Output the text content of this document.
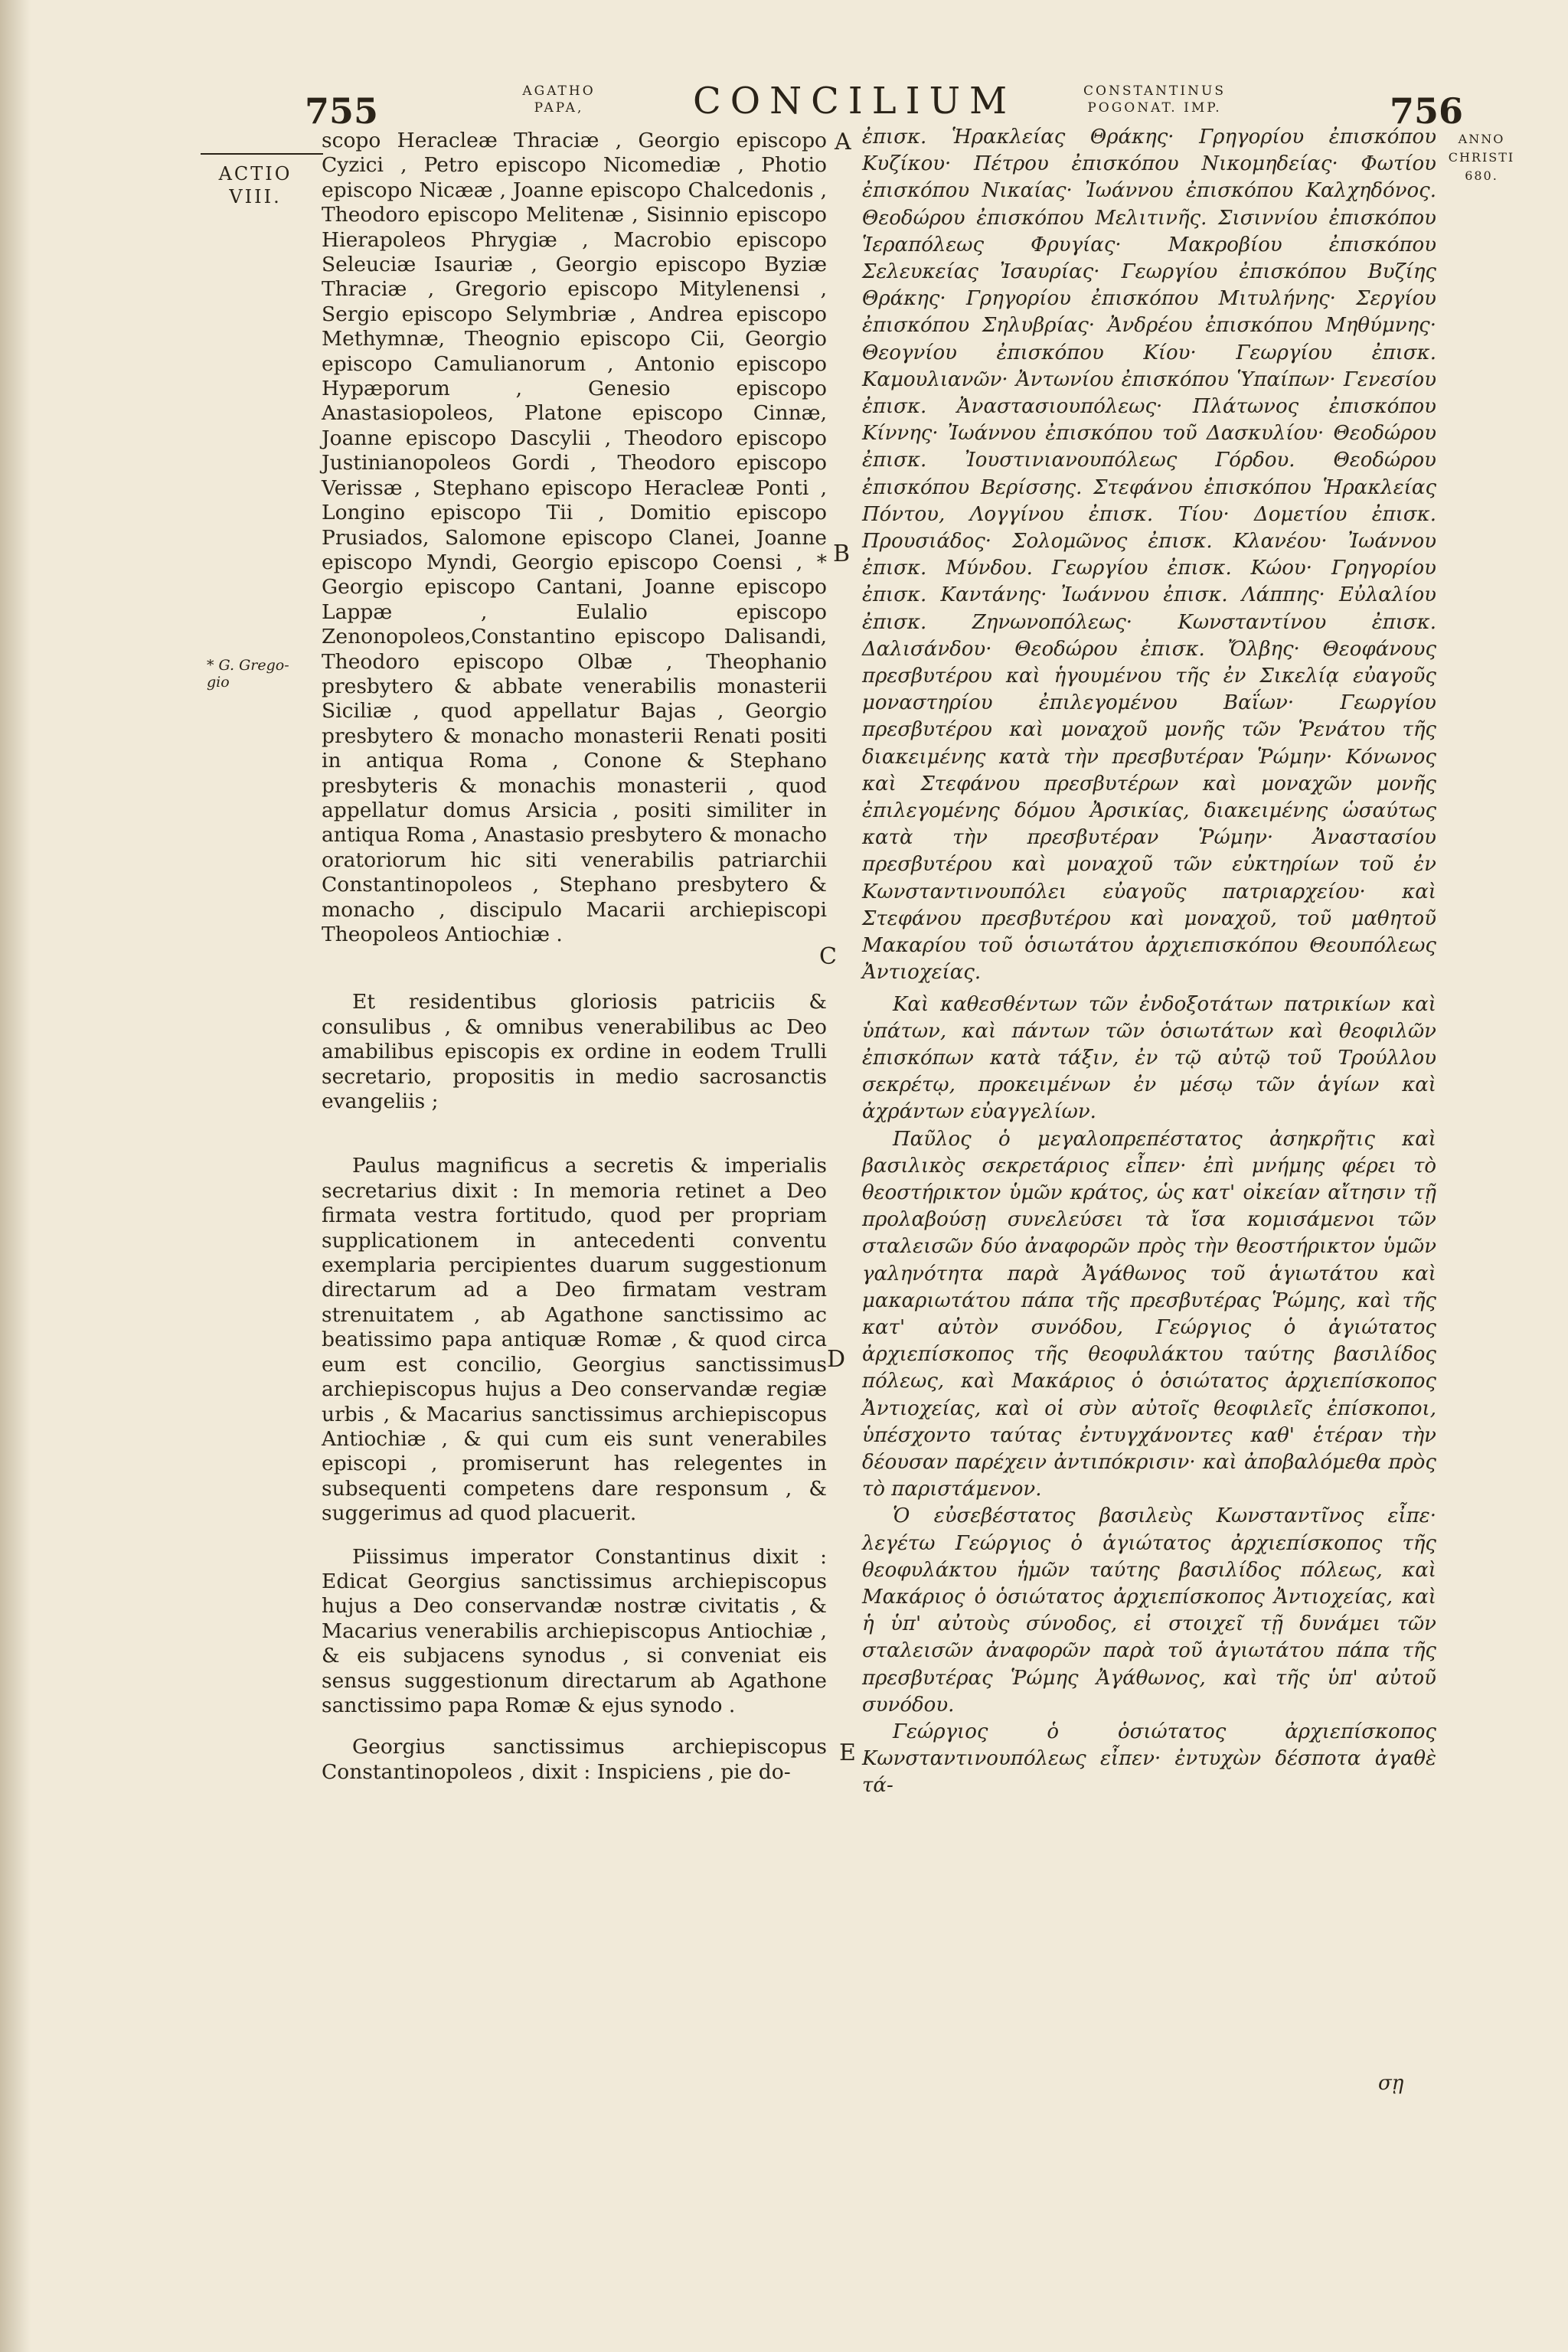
755	AGATHO
PAPA,	CONCILIUM	CONSTANTINUS
POGONAT. IMP.	756
ACTIO
VIII.
* G. Grego-
gio
ANNO
CHRISTI
680.
A
B
C
D
E

scopo Heracleæ Thraciæ , Georgio episcopo Cyzici , Petro episcopo Nicomediæ , Photio episcopo Nicææ , Joanne episcopo Chalcedonis , Theodoro episcopo Melitenæ , Sisinnio episcopo Hierapoleos Phrygiæ , Macrobio episcopo Seleuciæ Isauriæ , Georgio episcopo Byziæ Thraciæ , Gregorio episcopo Mitylenensi , Sergio episcopo Selymbriæ , Andrea episcopo Methymnæ, Theognio episcopo Cii, Georgio episcopo Camulianorum , Antonio episcopo Hypæporum , Genesio episcopo Anastasiopoleos, Platone episcopo Cinnæ, Joanne episcopo Dascylii , Theodoro episcopo Justinianopoleos Gordi , Theodoro episcopo Verissæ , Stephano episcopo Heracleæ Ponti , Longino episcopo Tii , Domitio episcopo Prusiados, Salomone episcopo Clanei, Joanne episcopo Myndi, Georgio episcopo Coensi , * Georgio episcopo Cantani, Joanne episcopo Lappæ , Eulalio episcopo Zenonopoleos,Constantino episcopo Dalisandi, Theodoro episcopo Olbæ , Theophanio presbytero & abbate venerabilis monasterii Siciliæ , quod appellatur Bajas , Georgio presbytero & monacho monasterii Renati positi in antiqua Roma , Conone & Stephano presbyteris & monachis monasterii , quod appellatur domus Arsicia , positi similiter in antiqua Roma , Anastasio presbytero & monacho oratoriorum hic siti venerabilis patriarchii Constantinopoleos , Stephano presbytero & monacho , discipulo Macarii archiepiscopi Theopoleos Antiochiæ .

Et residentibus gloriosis patriciis & consulibus , & omnibus venerabilibus ac Deo amabilibus episcopis ex ordine in eodem Trulli secretario, propositis in medio sacrosanctis evangeliis ;

Paulus magnificus a secretis & imperialis secretarius dixit : In memoria retinet a Deo firmata vestra fortitudo, quod per propriam supplicationem in antecedenti conventu exemplaria percipientes duarum suggestionum directarum ad a Deo firmatam vestram strenuitatem , ab Agathone sanctissimo ac beatissimo papa antiquæ Romæ , & quod circa eum est concilio, Georgius sanctissimus archiepiscopus hujus a Deo conservandæ regiæ urbis , & Macarius sanctissimus archiepiscopus Antiochiæ , & qui cum eis sunt venerabiles episcopi , promiserunt has relegentes in subsequenti competens dare responsum , & suggerimus ad quod placuerit.

Piissimus imperator Constantinus dixit : Edicat Georgius sanctissimus archiepiscopus hujus a Deo conservandæ nostræ civitatis , & Macarius venerabilis archiepiscopus Antiochiæ , & eis subjacens synodus , si conveniat eis sensus suggestionum directarum ab Agathone sanctissimo papa Romæ & ejus synodo .

Georgius sanctissimus archiepiscopus Constantinopoleos , dixit : Inspiciens , pie do-

ἐπισκ. Ἡρακλείας Θράκης· Γρηγορίου ἐπισκόπου Κυζίκου· Πέτρου ἐπισκόπου Νικομηδείας· Φωτίου ἐπισκόπου Νικαίας· Ἰωάννου ἐπισκόπου Καλχηδόνος. Θεοδώρου ἐπισκόπου Μελιτινῆς. Σισιννίου ἐπισκόπου Ἱεραπόλεως Φρυγίας· Μακροβίου ἐπισκόπου Σελευκείας Ἰσαυρίας· Γεωργίου ἐπισκόπου Βυζίης Θράκης· Γρηγορίου ἐπισκόπου Μιτυλήνης· Σεργίου ἐπισκόπου Σηλυβρίας· Ἀνδρέου ἐπισκόπου Μηθύμνης· Θεογνίου ἐπισκόπου Κίου· Γεωργίου ἐπισκ. Καμουλιανῶν· Ἀντωνίου ἐπισκόπου Ὑπαίπων· Γενεσίου ἐπισκ. Ἀναστασιουπόλεως· Πλάτωνος ἐπισκόπου Κίννης· Ἰωάννου ἐπισκόπου τοῦ Δασκυλίου· Θεοδώρου ἐπισκ. Ἰουστινιανουπόλεως Γόρδου. Θεοδώρου ἐπισκόπου Βερίσσης. Στεφάνου ἐπισκόπου Ἡρακλείας Πόντου, Λογγίνου ἐπισκ. Τίου· Δομετίου ἐπισκ. Προυσιάδος· Σολομῶνος ἐπισκ. Κλανέου· Ἰωάννου ἐπισκ. Μύνδου. Γεωργίου ἐπισκ. Κώου· Γρηγορίου ἐπισκ. Καντάνης· Ἰωάννου ἐπισκ. Λάππης· Εὐλαλίου ἐπισκ. Ζηνωνοπόλεως· Κωνσταντίνου ἐπισκ. Δαλισάνδου· Θεοδώρου ἐπισκ. Ὄλβης· Θεοφάνους πρεσβυτέρου καὶ ἡγουμένου τῆς ἐν Σικελίᾳ εὐαγοῦς μοναστηρίου ἐπιλεγομένου Βαΐων· Γεωργίου πρεσβυτέρου καὶ μοναχοῦ μονῆς τῶν Ῥενάτου τῆς διακειμένης κατὰ τὴν πρεσβυτέραν Ῥώμην· Κόνωνος καὶ Στεφάνου πρεσβυτέρων καὶ μοναχῶν μονῆς ἐπιλεγομένης δόμου Ἀρσικίας, διακειμένης ὡσαύτως κατὰ τὴν πρεσβυτέραν Ῥώμην· Ἀναστασίου πρεσβυτέρου καὶ μοναχοῦ τῶν εὐκτηρίων τοῦ ἐν Κωνσταντινουπόλει εὐαγοῦς πατριαρχείου· καὶ Στεφάνου πρεσβυτέρου καὶ μοναχοῦ, τοῦ μαθητοῦ Μακαρίου τοῦ ὁσιωτάτου ἀρχιεπισκόπου Θεουπόλεως Ἀντιοχείας.

Καὶ καθεσθέντων τῶν ἐνδοξοτάτων πατρικίων καὶ ὑπάτων, καὶ πάντων τῶν ὁσιωτάτων καὶ θεοφιλῶν ἐπισκόπων κατὰ τάξιν, ἐν τῷ αὐτῷ τοῦ Τρούλλου σεκρέτῳ, προκειμένων ἐν μέσῳ τῶν ἁγίων καὶ ἀχράντων εὐαγγελίων.

Παῦλος ὁ μεγαλοπρεπέστατος ἀσηκρῆτις καὶ βασιλικὸς σεκρετάριος εἶπεν· ἐπὶ μνήμης φέρει τὸ θεοστήρικτον ὑμῶν κράτος, ὡς κατ' οἰκείαν αἴτησιν τῇ προλαβούσῃ συνελεύσει τὰ ἴσα κομισάμενοι τῶν σταλεισῶν δύο ἀναφορῶν πρὸς τὴν θεοστήρικτον ὑμῶν γαληνότητα παρὰ Ἀγάθωνος τοῦ ἁγιωτάτου καὶ μακαριωτάτου πάπα τῆς πρεσβυτέρας Ῥώμης, καὶ τῆς κατ' αὐτὸν συνόδου, Γεώργιος ὁ ἁγιώτατος ἀρχιεπίσκοπος τῆς θεοφυλάκτου ταύτης βασιλίδος πόλεως, καὶ Μακάριος ὁ ὁσιώτατος ἀρχιεπίσκοπος Ἀντιοχείας, καὶ οἱ σὺν αὐτοῖς θεοφιλεῖς ἐπίσκοποι, ὑπέσχοντο ταύτας ἐντυγχάνοντες καθ' ἑτέραν τὴν δέουσαν παρέχειν ἀντιπόκρισιν· καὶ ἀποβαλόμεθα πρὸς τὸ παριστάμενον.

Ὁ εὐσεβέστατος βασιλεὺς Κωνσταντῖνος εἶπε· λεγέτω Γεώργιος ὁ ἁγιώτατος ἀρχιεπίσκοπος τῆς θεοφυλάκτου ἡμῶν ταύτης βασιλίδος πόλεως, καὶ Μακάριος ὁ ὁσιώτατος ἀρχιεπίσκοπος Ἀντιοχείας, καὶ ἡ ὑπ' αὐτοὺς σύνοδος, εἰ στοιχεῖ τῇ δυνάμει τῶν σταλεισῶν ἀναφορῶν παρὰ τοῦ ἁγιωτάτου πάπα τῆς πρεσβυτέρας Ῥώμης Ἀγάθωνος, καὶ τῆς ὑπ' αὐτοῦ συνόδου.

Γεώργιος ὁ ὁσιώτατος ἀρχιεπίσκοπος Κωνσταντινουπόλεως εἶπεν· ἐντυχὼν δέσποτα ἀγαθὲ τά-

σῃ
